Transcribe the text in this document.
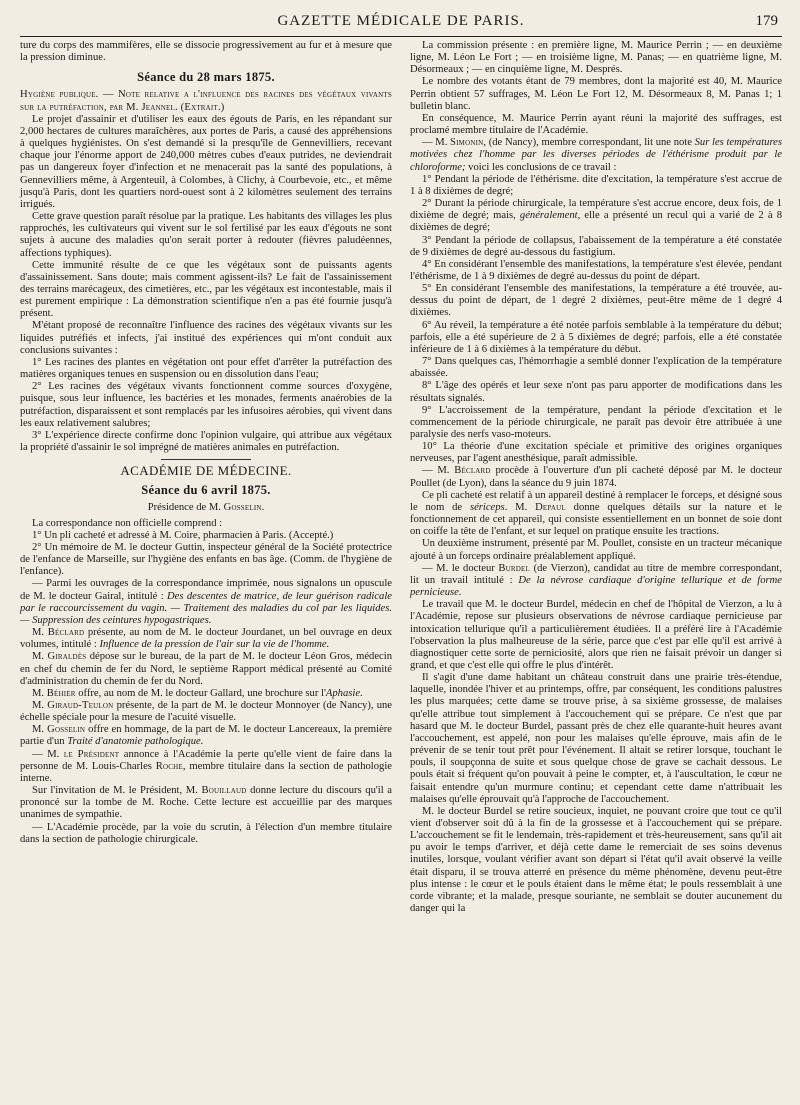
GAZETTE MÉDICALE DE PARIS.	179

ture du corps des mammifères, elle se dissocie progressivement au fur et à mesure que la pression diminue.

Séance du 28 mars 1875.

Hygiène publique. — Note relative a l'influence des racines des végétaux vivants sur la putréfaction, par M. Jeannel. (Extrait.)

Le projet d'assainir et d'utiliser les eaux des égouts de Paris, en les répandant sur 2,000 hectares de cultures maraîchères, aux portes de Paris, a causé des appréhensions à quelques hygiénistes. On s'est demandé si la presqu'île de Gennevilliers, recevant chaque jour l'énorme apport de 240,000 mètres cubes d'eaux putrides, ne deviendrait pas un dangereux foyer d'infection et ne menacerait pas la santé des populations, à Gennevilliers même, à Argenteuil, à Colombes, à Clichy, à Courbevoie, etc., et même jusqu'à Paris, dont les quartiers nord-ouest sont à 2 kilomètres seulement des terrains irrigués.

Cette grave question paraît résolue par la pratique. Les habitants des villages les plus rapprochés, les cultivateurs qui vivent sur le sol fertilisé par les eaux d'égouts ne sont sujets à aucune des maladies qu'on serait porter à redouter (fièvres paludéennes, affections typhiques).

Cette immunité résulte de ce que les végétaux sont de puissants agents d'assainissement. Sans doute; mais comment agissent-ils? Le fait de l'assainissement des terrains marécageux, des cimetières, etc., par les végétaux est incontestable, mais il est purement empirique : La démonstration scientifique n'en a pas été fournie jusqu'à présent.

M'étant proposé de reconnaître l'influence des racines des végétaux vivants sur les liquides putréfiés et infects, j'ai institué des expériences qui m'ont conduit aux conclusions suivantes :

1° Les racines des plantes en végétation ont pour effet d'arrêter la putréfaction des matières organiques tenues en suspension ou en dissolution dans l'eau;

2° Les racines des végétaux vivants fonctionnent comme sources d'oxygène, puisque, sous leur influence, les bactéries et les monades, ferments anaérobies de la putréfaction, disparaissent et sont remplacés par les infusoires aérobies, qui vivent dans les eaux relativement salubres;

3° L'expérience directe confirme donc l'opinion vulgaire, qui attribue aux végétaux la propriété d'assainir le sol imprégné de matières animales en putréfaction.

ACADÉMIE DE MÉDECINE.
Séance du 6 avril 1875.
Présidence de M. Gosselin.

La correspondance non officielle comprend :

1° Un pli cacheté et adressé à M. Coire, pharmacien à Paris. (Accepté.)

2° Un mémoire de M. le docteur Guttin, inspecteur général de la Société protectrice de l'enfance de Marseille, sur l'hygiène des enfants en bas âge. (Comm. de l'hygiène de l'enfance).

— Parmi les ouvrages de la correspondance imprimée, nous signalons un opuscule de M. le docteur Gairal, intitulé : Des descentes de matrice, de leur guérison radicale par le raccourcissement du vagin. — Traitement des maladies du col par les liquides. — Suppression des ceintures hypogastriques.

M. Béclard présente, au nom de M. le docteur Jourdanet, un bel ouvrage en deux volumes, intitulé : Influence de la pression de l'air sur la vie de l'homme.

M. Giraldès dépose sur le bureau, de la part de M. le docteur Léon Gros, médecin en chef du chemin de fer du Nord, le septième Rapport médical présenté au Comité d'administration du chemin de fer du Nord.

M. Béhier offre, au nom de M. le docteur Gallard, une brochure sur l'Aphasie.

M. Giraud-Teulon présente, de la part de M. le docteur Monnoyer (de Nancy), une échelle spéciale pour la mesure de l'acuité visuelle.

M. Gosselin offre en hommage, de la part de M. le docteur Lancereaux, la première partie d'un Traité d'anatomie pathologique.

— M. le Président annonce à l'Académie la perte qu'elle vient de faire dans la personne de M. Louis-Charles Roche, membre titulaire dans la section de pathologie interne.

Sur l'invitation de M. le Président, M. Bouillaud donne lecture du discours qu'il a prononcé sur la tombe de M. Roche. Cette lecture est accueillie par des marques unanimes de sympathie.

— L'Académie procède, par la voie du scrutin, à l'élection d'un membre titulaire dans la section de pathologie chirurgicale.

La commission présente : en première ligne, M. Maurice Perrin ; — en deuxième ligne, M. Léon Le Fort ; — en troisième ligne, M. Panas; — en quatrième ligne, M. Désormeaux ; — en cinquième ligne, M. Després.

Le nombre des votants étant de 79 membres, dont la majorité est 40, M. Maurice Perrin obtient 57 suffrages, M. Léon Le Fort 12, M. Désormeaux 8, M. Panas 1; 1 bulletin blanc.

En conséquence, M. Maurice Perrin ayant réuni la majorité des suffrages, est proclamé membre titulaire de l'Académie.

— M. Simonin, (de Nancy), membre correspondant, lit une note Sur les températures motivées chez l'homme par les diverses périodes de l'éthérisme produit par le chloroforme; voici les conclusions de ce travail :

1° Pendant la période de l'éthérisme. dite d'excitation, la température s'est accrue de 1 à 8 dixièmes de degré;

2° Durant la période chirurgicale, la température s'est accrue encore, deux fois, de 1 dixième de degré; mais, généralement, elle a présenté un recul qui a varié de 2 à 8 dixièmes de degré;

3° Pendant la période de collapsus, l'abaissement de la température a été constatée de 9 dixièmes de degré au-dessous du fastigium.

4° En considérant l'ensemble des manifestations, la température s'est élevée, pendant l'éthérisme, de 1 à 9 dixièmes de degré au-dessus du point de départ.

5° En considérant l'ensemble des manifestations, la température a été trouvée, au-dessus du point de départ, de 1 degré 2 dixièmes, peut-être même de 1 degré 4 dixièmes.

6° Au réveil, la température a été notée parfois semblable à la température du début; parfois, elle a été supérieure de 2 à 5 dixièmes de degré; parfois, elle a été constatée inférieure de 1 à 6 dixièmes à la température du début.

7° Dans quelques cas, l'hémorrhagie a semblé donner l'explication de la température abaissée.

8° L'âge des opérés et leur sexe n'ont pas paru apporter de modifications dans les résultats signalés.

9° L'accroissement de la température, pendant la période d'excitation et le commencement de la période chirurgicale, ne paraît pas devoir être attribuée à une paralysie des nerfs vaso-moteurs.

10° La théorie d'une excitation spéciale et primitive des origines organiques nerveuses, par l'agent anesthésique, paraît admissible.

— M. Béclard procède à l'ouverture d'un pli cacheté déposé par M. le docteur Poullet (de Lyon), dans la séance du 9 juin 1874.

Ce pli cacheté est relatif à un appareil destiné à remplacer le forceps, et désigné sous le nom de sériceps. M. Depaul donne quelques détails sur la nature et le fonctionnement de cet appareil, qui consiste essentiellement en un bonnet de soie dont on coiffe la tête de l'enfant, et sur lequel on pratique ensuite les tractions.

Un deuxième instrument, présenté par M. Poullet, consiste en un tracteur mécanique ajouté à un forceps ordinaire préalablement appliqué.

— M. le docteur Burdel (de Vierzon), candidat au titre de membre correspondant, lit un travail intitulé : De la névrose cardiaque d'origine tellurique et de forme pernicieuse.

Le travail que M. le docteur Burdel, médecin en chef de l'hôpital de Vierzon, a lu à l'Académie, repose sur plusieurs observations de névrose cardiaque pernicieuse par intoxication tellurique qu'il a particulièrement étudiées. Il a préféré lire à l'Académie l'observation la plus malheureuse de la série, parce que c'est par elle qu'il est arrivé à diagnostiquer cette sorte de perniciosité, alors que rien ne faisait prévoir un danger si grand, et que c'est elle qui offre le plus d'intérêt.

Il s'agit d'une dame habitant un château construit dans une prairie très-étendue, laquelle, inondée l'hiver et au printemps, offre, par conséquent, les conditions palustres les plus marquées; cette dame se trouve prise, à sa sixième grossesse, de malaises qu'elle attribue tout simplement à l'accouchement qui se prépare. Ce n'est que par hasard que M. le docteur Burdel, passant près de chez elle quarante-huit heures avant l'accouchement, est appelé, non pour les malaises qu'elle éprouve, mais afin de le prévenir de se tenir tout prêt pour l'événement. Il altait se retirer lorsque, touchant le pouls, il soupçonna de suite et sous quelque chose de grave se cachait dessous. Le pouls était si fréquent qu'on pouvait à peine le compter, et, à l'auscultation, le cœur ne faisait entendre qu'un murmure continu; et cependant cette dame n'attribuait les malaises qu'elle éprouvait qu'à l'approche de l'accouchement.

M. le docteur Burdel se retire soucieux, inquiet, ne pouvant croire que tout ce qu'il vient d'observer soit dû à la fin de la grossesse et à l'accouchement qui se prépare. L'accouchement se fit le lendemain, très-rapidement et très-heureusement, sans qu'il ait pu avoir le temps d'arriver, et déjà cette dame le remerciait de ses soins devenus inutiles, lorsque, voulant vérifier avant son départ si l'état qu'il avait observé la veille était disparu, il se trouva atterré en présence du même phénomène, devenu peut-être plus intense : le cœur et le pouls étaient dans le même état; le pouls ressemblait à une corde vibrante; et la malade, presque souriante, ne semblait se douter aucunement du danger qui la
